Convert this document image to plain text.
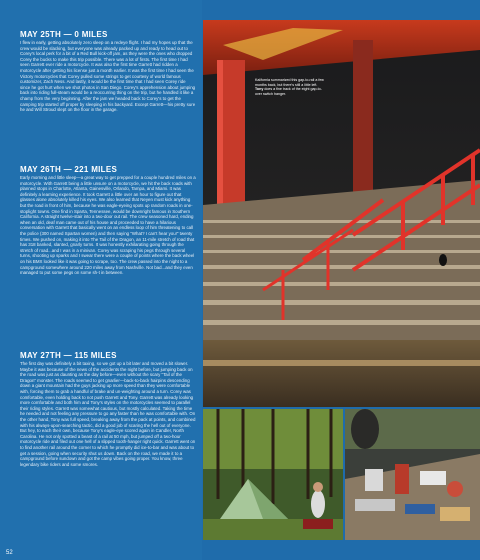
MAY 25TH — 0 MILES

I flew in early, getting absolutely zero sleep on a redeye flight. I had my hopes up that the crew would be slacking, but everyone was already packed up and ready to head out to Corey's local perk for a bit of a Red Bull kick-off jam, as they were the ones who dropped Corey the bucks to make this trip possible. There was a lot of firsts. The first time I had seen Garrett ever ride a motorcycle. It was also the first time Garrett had ridden a motorcycle after getting his license just a month earlier. It was the first time I had seen the Victory motorcycles that Corey pulled some strings to get courtesy of world famous customizer, Zach Ness. And lastly, it would be the first time that I had seen Corey ride since he got hurt when we shot photos in San Diego. Corey's apprehension about jumping back into riding full-steam would be a reoccurring thing on the trip, but he handled it like a champ from the very beginning. After the jam we headed back to Corey's to get the camping trip started off proper by sleeping in his backyard. Except Garrett—his pretty sure he and Will Stroud slept on the floor in the garage.

MAY 26TH — 221 MILES

Early morning and little sleep—a great way to get prepped for a couple hundred miles on a motorcycle. With Garrett being a little unsure on a motorcycle, we hit the back roads with planned stops in Charlotte, Atlanta, Gainesville, Orlando, Tampa, and Miami. It was definitely a learning experience. It took Garrett a little over an hour to figure out that glasses alone absolutely killed his eyes. We also learned that Neyen must kick anything but the road in front of him, because he was eagle-eyeing spots up random roads in one-stoplight towns. One find in Sparta, Tennessee, would be downright famous in Southern California. A straight twelve-stair into a two-door out rail. The crew seasoned hard, ending when an old, deaf man came out of his house and proceeded to have a hilarious conversation with Garrett that basically went on an endless loop of him threatening to call the police (300 named Spartan women) and then saying "What? I can't hear you!" twenty times. We pushed on, making it into The Tail of the Dragon, an 11-mile stretch of road that has 318 banked, slanted, gnarly turns. It was honestly exhilarating going through the stretch of road...and I was in a minivan. Corey was scraping his pegs through several turns, shooting up sparks and I swear there were a couple of points where the back wheel on his BMX looked like it was going to scrape, too. The crew passed into the night to a campground somewhere around 220 miles away from Nashville. Not bad...and they even managed to put some pegs on some sh-t in between.

MAY 27TH — 115 MILES

The first day was definitely a bit taxing, so we got up a bit later and moved a bit slower. Maybe it was because of the news of the accidents the night before, but jumping back on the road was just as daunting as the day before—even without the scary "Tail of the Dragon" monster. The roads seemed to get gnarlier—back-to-back hairpins descending down a giant mountain had the guys jacking up more speed than they were comfortable with, forcing them to grab a handful of brake and un-weighting around a turn. Corey was comfortable, even holding back to not push Garrett and Tony. Garrett was already looking more comfortable and both him and Tony's styles on the motorcycles seemed to parallel their riding styles. Garrett was somewhat cautious, but mostly calculated. Taking the time he needed and not feeling any pressure to go any faster than he was comfortable with. On the other hand, Tony was full speed, breaking away from the pack at points, and combined with his always-upon-searching tactic, did a good job of scaring the hell out of everyone. But hey, to each their own, because Tony's eagle-eye scored again in Candler, North Carolina. He not only spotted a beast of a rail at 50 mph, but jumped off a two-hour motorcycle ride and filed out one hell of a slipped tooth-hanger right quick. Garrett went on to find another rail around the corner to which he promptly did ice-to-bar and was about to get a session, going when security shut us down. Back on the road, we made it to a campground before sundown and got the camp vibes going proper. You know, three legendary bike riders and some smores.

52
Kalifornia summarized this gap-to-rail a few months back, but there's still a little left. Tony does a fine track of the eight gap-to-over switch hanger.
